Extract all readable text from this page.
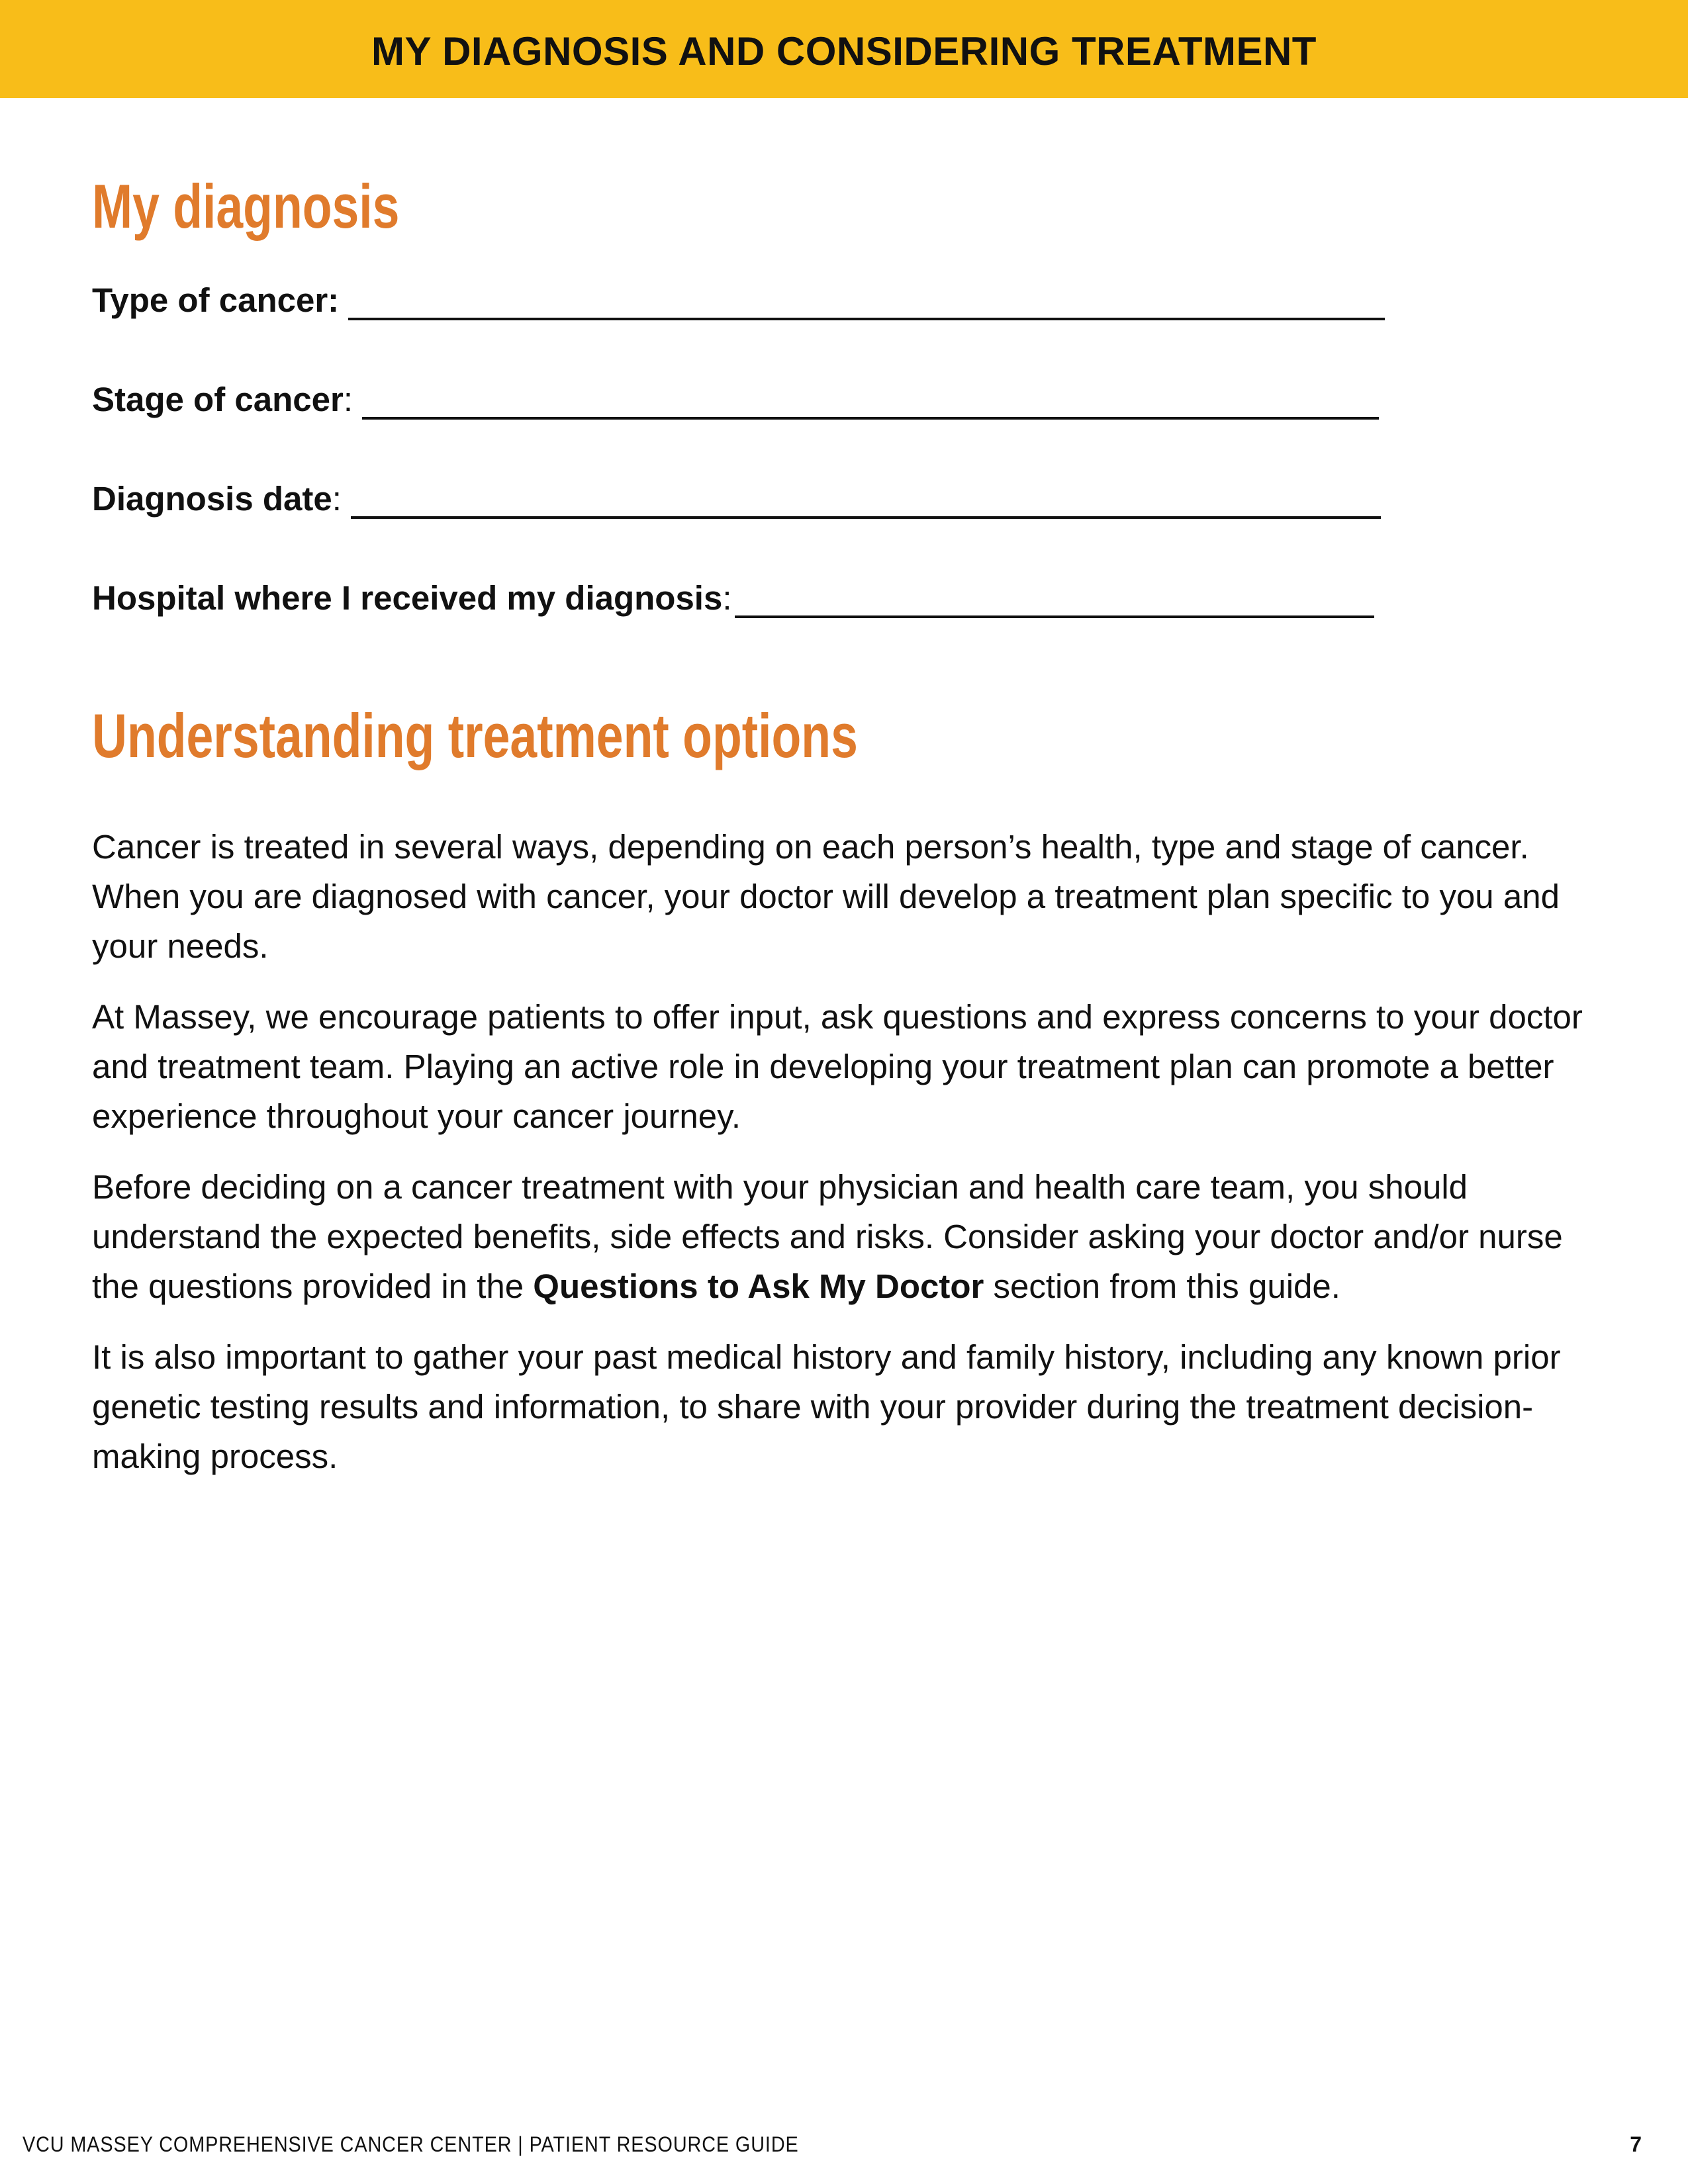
MY DIAGNOSIS AND CONSIDERING TREATMENT
My diagnosis
Type of cancer:
Stage of cancer :
Diagnosis date :
Hospital where I received my diagnosis :
Understanding treatment options

Cancer is treated in several ways, depending on each person’s health, type and stage of cancer. When you are diagnosed with cancer, your doctor will develop a treatment plan specific to you and your needs.

At Massey, we encourage patients to offer input, ask questions and express concerns to your doctor and treatment team. Playing an active role in developing your treatment plan can promote a better experience throughout your cancer journey.

Before deciding on a cancer treatment with your physician and health care team, you should understand the expected benefits, side effects and risks. Consider asking your doctor and/or nurse the questions provided in the Questions to Ask My Doctor section from this guide.

It is also important to gather your past medical history and family history, including any known prior genetic testing results and information, to share with your provider during the treatment decision-making process.

VCU MASSEY COMPREHENSIVE CANCER CENTER | PATIENT RESOURCE GUIDE	7
